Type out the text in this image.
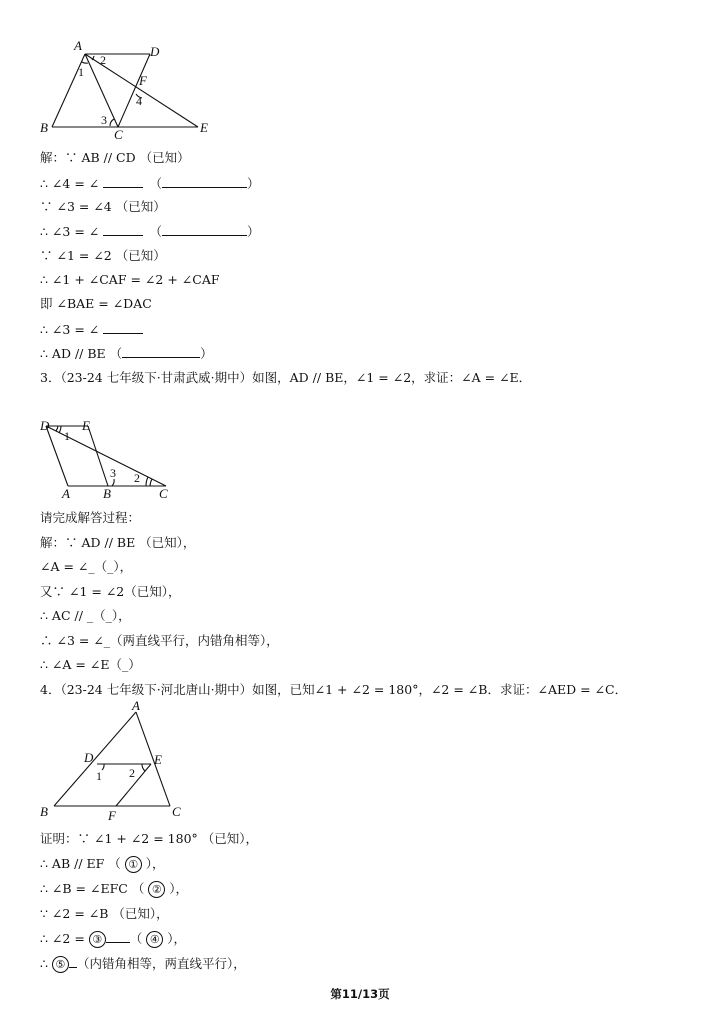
A	D
B	C	E
F
1
2
3
4
解：∵ AB // CD （已知）
∴ ∠4 = ∠	　（	）
∵ ∠3 = ∠4 （已知）
∴ ∠3 = ∠	　（	）
∵ ∠1 = ∠2 （已知）
∴ ∠1 + ∠CAF = ∠2 + ∠CAF
即 ∠BAE = ∠DAC
∴ ∠3 = ∠
∴ AD // BE （	）
3．（23-24 七年级下·甘肃武威·期中）如图，AD // BE，∠1 = ∠2，求证：∠A = ∠E．
D	E
A	B	C
1
2
3
请完成解答过程：
解：∵ AD // BE （已知），
∠A = ∠_（_），
又∵ ∠1 = ∠2（已知），
∴ AC // _（_），
∴ ∠3 = ∠_（两直线平行，内错角相等），
∴ ∠A = ∠E（_）
4．（23-24 七年级下·河北唐山·期中）如图，已知∠1 + ∠2 = 180°，∠2 = ∠B．求证：∠AED = ∠C．
A
D	E
B	F	C
1 2
证明：∵ ∠1 + ∠2 = 180° （已知），
∴ AB // EF （ ① ），
∴ ∠B = ∠EFC （ ② ），
∵ ∠2 = ∠B （已知），
∴ ∠2 = ③ （ ④ ），
∴ ⑤ （内错角相等，两直线平行），
第11/13页
